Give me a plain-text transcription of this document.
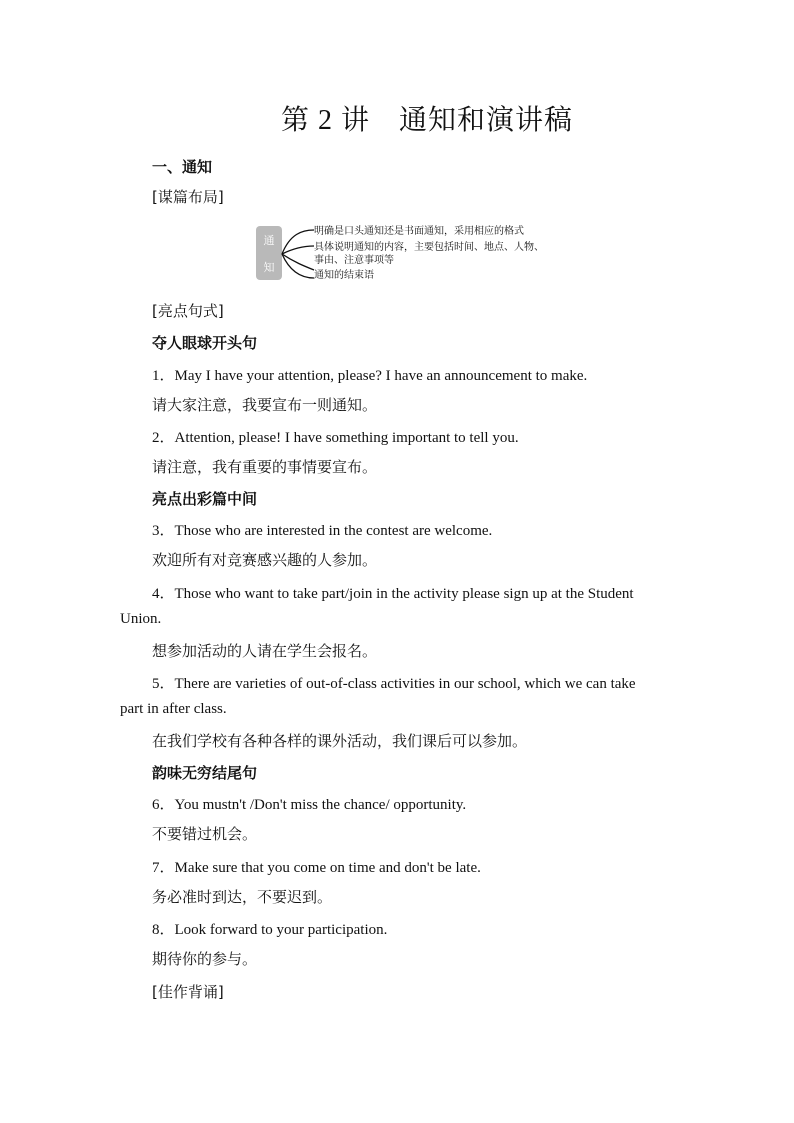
第 2 讲　通知和演讲稿
一、通知
[谋篇布局]
通
知
明确是口头通知还是书面通知，采用相应的格式
具体说明通知的内容，主要包括时间、地点、人物、
事由、注意事项等
通知的结束语
[亮点句式]
夺人眼球开头句
1．May I have your attention, please? I have an announcement to make.
请大家注意，我要宣布一则通知。
2．Attention, please! I have something important to tell you.
请注意，我有重要的事情要宣布。
亮点出彩篇中间
3．Those who are interested in the contest are welcome.
欢迎所有对竞赛感兴趣的人参加。
4．Those who want to take part/join in the activity please sign up at the Student
Union.
想参加活动的人请在学生会报名。
5．There are varieties of out-of-class activities in our school, which we can take
part in after class.
在我们学校有各种各样的课外活动，我们课后可以参加。
韵味无穷结尾句
6．You mustn't /Don't miss the chance/ opportunity.
不要错过机会。
7．Make sure that you come on time and don't be late.
务必准时到达，不要迟到。
8．Look forward to your participation.
期待你的参与。
[佳作背诵]
